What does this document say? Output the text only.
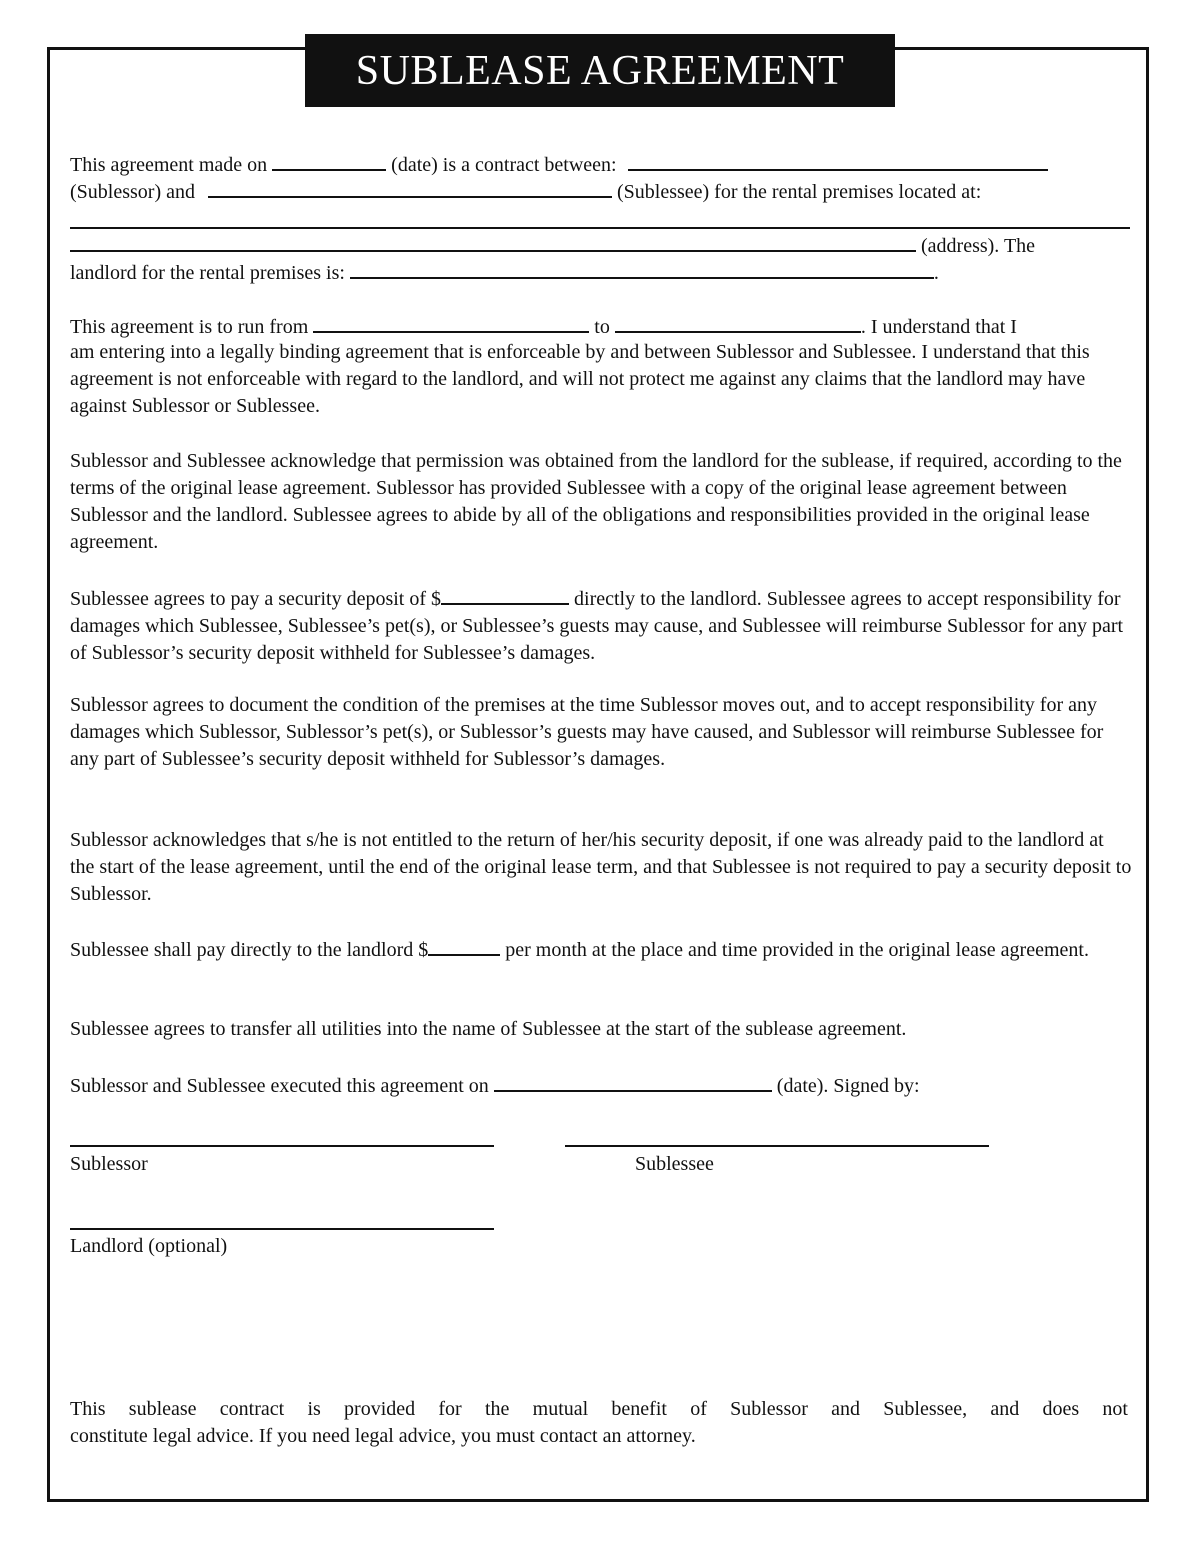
SUBLEASE AGREEMENT
This agreement made on	(date) is a contract between:
(Sublessor) and	(Sublessee) for the rental premises located at:
(address). The
landlord for the rental premises is:	.
This agreement is to run from	to	. I understand that I
am entering into a legally binding agreement that is enforceable by and between Sublessor and Sublessee. I understand that this agreement is not enforceable with regard to the landlord, and will not protect me against any claims that the landlord may have against Sublessor or Sublessee.
Sublessor and Sublessee acknowledge that permission was obtained from the landlord for the sublease, if required, according to the terms of the original lease agreement. Sublessor has provided Sublessee with a copy of the original lease agreement between Sublessor and the landlord. Sublessee agrees to abide by all of the obligations and responsibilities provided in the original lease agreement.
Sublessee agrees to pay a security deposit of $	directly to the landlord. Sublessee agrees to accept responsibility for damages which Sublessee, Sublessee’s pet(s), or Sublessee’s guests may cause, and Sublessee will reimburse Sublessor for any part of Sublessor’s security deposit withheld for Sublessee’s damages.
Sublessor agrees to document the condition of the premises at the time Sublessor moves out, and to accept responsibility for any damages which Sublessor, Sublessor’s pet(s), or Sublessor’s guests may have caused, and Sublessor will reimburse Sublessee for any part of Sublessee’s security deposit withheld for Sublessor’s damages.
Sublessor acknowledges that s/he is not entitled to the return of her/his security deposit, if one was already paid to the landlord at the start of the lease agreement, until the end of the original lease term, and that Sublessee is not required to pay a security deposit to Sublessor.
Sublessee shall pay directly to the landlord $	per month at the place and time provided in the original lease agreement.
Sublessee agrees to transfer all utilities into the name of Sublessee at the start of the sublease agreement.
Sublessor and Sublessee executed this agreement on	(date). Signed by:
Sublessor	Sublessee
Landlord (optional)
This sublease contract is provided for the mutual benefit of Sublessor and Sublessee, and does not
constitute legal advice. If you need legal advice, you must contact an attorney.
